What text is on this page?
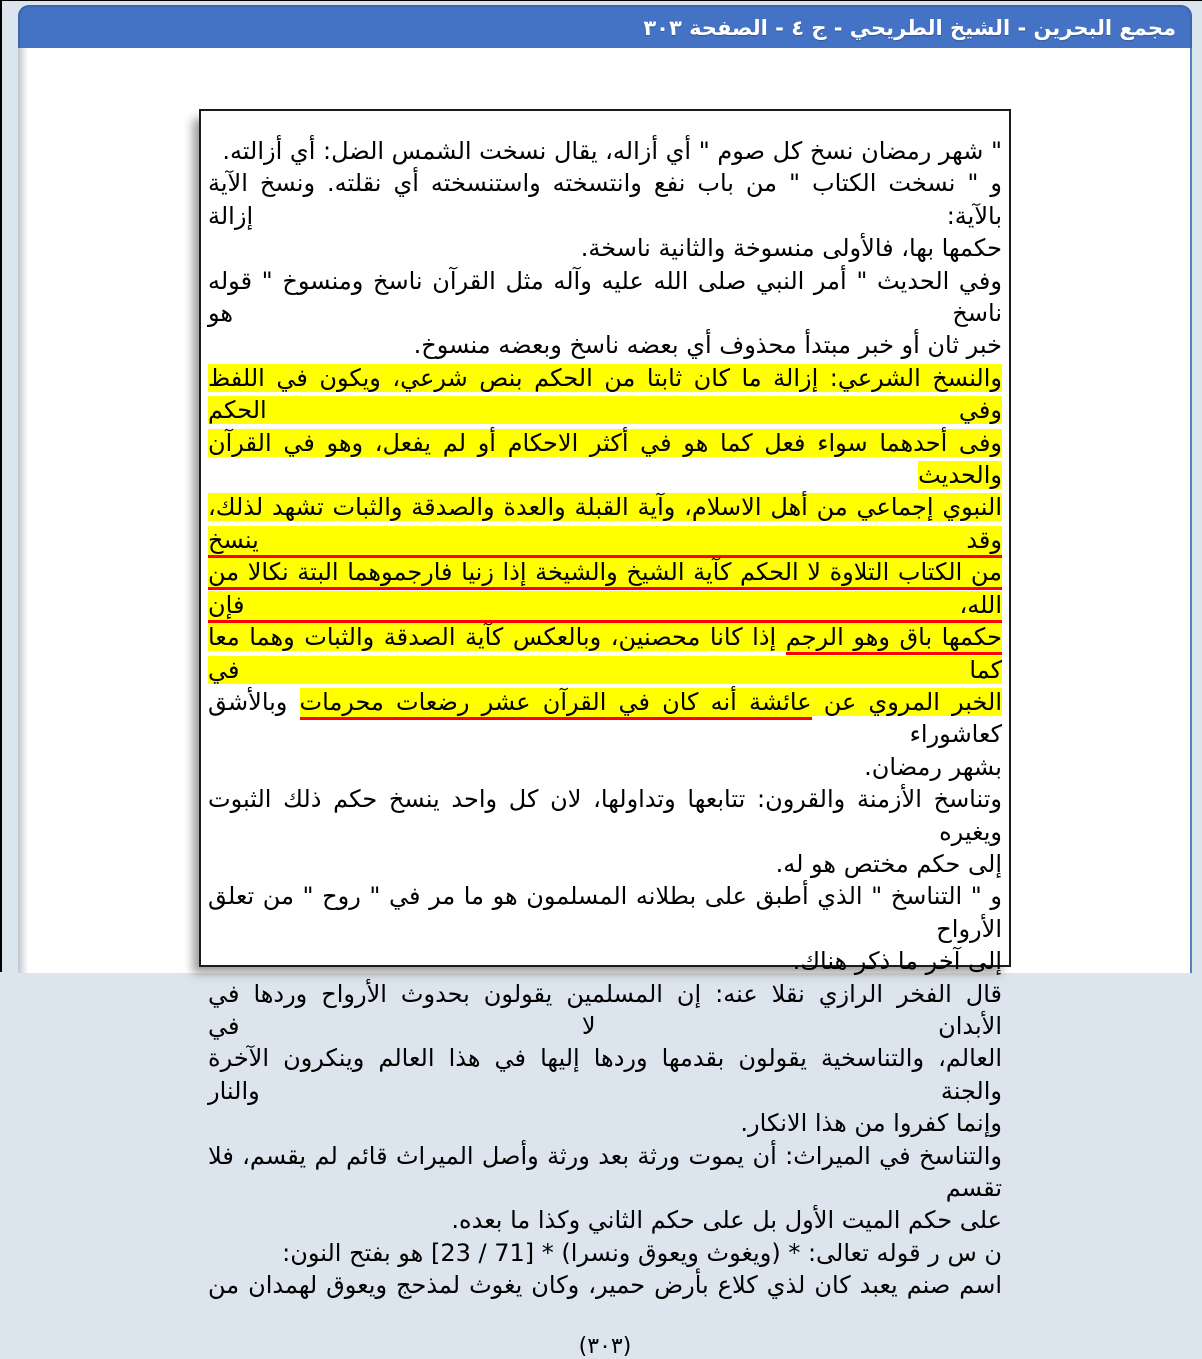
مجمع البحرين - الشيخ الطريحي - ج ٤ - الصفحة ٣٠٣
" شهر رمضان نسخ كل صوم " أي أزاله، يقال نسخت الشمس الضل: أي أزالته.
و " نسخت الكتاب " من باب نفع وانتسخته واستنسخته أي نقلته. ونسخ الآية بالآية: إزالة
حكمها بها، فالأولى منسوخة والثانية ناسخة.
وفي الحديث " أمر النبي صلى الله عليه وآله مثل القرآن ناسخ ومنسوخ " قوله ناسخ هو
خبر ثان أو خبر مبتدأ محذوف أي بعضه ناسخ وبعضه منسوخ.
والنسخ الشرعي: إزالة ما كان ثابتا من الحكم بنص شرعي، ويكون في اللفظ وفي الحكم
وفى أحدهما سواء فعل كما هو في أكثر الاحكام أو لم يفعل، وهو في القرآن والحديث
النبوي إجماعي من أهل الاسلام، وآية القبلة والعدة والصدقة والثبات تشهد لذلك، وقد ينسخ
من الكتاب التلاوة لا الحكم كآية الشيخ والشيخة إذا زنيا فارجموهما البتة نكالا من الله، فإن
حكمها باق وهو الرجم إذا كانا محصنين، وبالعكس كآية الصدقة والثبات وهما معا كما في
الخبر المروي عن عائشة أنه كان في القرآن عشر رضعات محرمات وبالأشق كعاشوراء
بشهر رمضان.
وتناسخ الأزمنة والقرون: تتابعها وتداولها، لان كل واحد ينسخ حكم ذلك الثبوت ويغيره
إلى حكم مختص هو له.
و " التناسخ " الذي أطبق على بطلانه المسلمون هو ما مر في " روح " من تعلق الأرواح
إلى آخر ما ذكر هناك.
قال الفخر الرازي نقلا عنه: إن المسلمين يقولون بحدوث الأرواح وردها في الأبدان لا في
العالم، والتناسخية يقولون بقدمها وردها إليها في هذا العالم وينكرون الآخرة والجنة والنار
وإنما كفروا من هذا الانكار.
والتناسخ في الميراث: أن يموت ورثة بعد ورثة وأصل الميراث قائم لم يقسم، فلا تقسم
على حكم الميت الأول بل على حكم الثاني وكذا ما بعده.
ن س ر قوله تعالى: * (ويغوث ويعوق ونسرا) * [71 / 23] هو بفتح النون:
اسم صنم يعبد كان لذي كلاع بأرض حمير، وكان يغوث لمذحج ويعوق لهمدان من
(٣٠٣)
